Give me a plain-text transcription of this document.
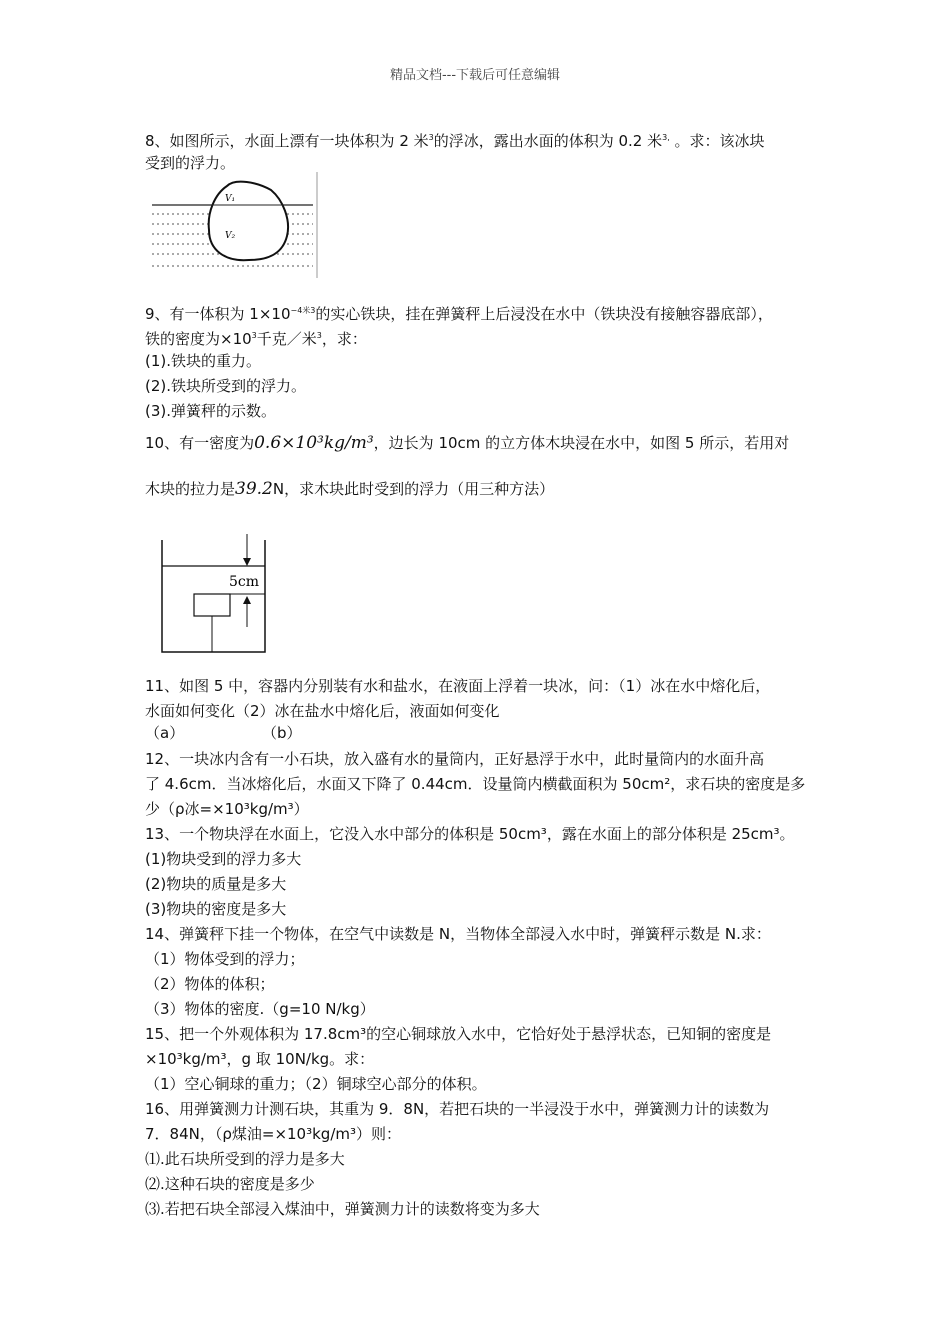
精品文档---下载后可任意编辑
8、如图所示，水面上漂有一块体积为 2 米$^3$的浮冰，露出水面的体积为 0.2 米$^{3,}$ 。求：该冰块
受到的浮力。
V₁
V₂
9、有一体积为 $1\times 10^{-4米3}$的实心铁块，挂在弹簧秤上后浸没在水中（铁块没有接触容器底部），
铁的密度为$\times 10^3$千克／米$^3$，求：
(1).铁块的重力。
(2).铁块所受到的浮力。
(3).弹簧秤的示数。
10、有一密度为0.6×10³kg/m³，边长为 10cm 的立方体木块浸在水中，如图 5 所示，若用对
木块的拉力是39.2N，求木块此时受到的浮力（用三种方法）
5cm
11、如图 5 中，容器内分别装有水和盐水，在液面上浮着一块冰，问：（1）冰在水中熔化后，
水面如何变化（2）冰在盐水中熔化后，液面如何变化
（a）	（b）
12、一块冰内含有一小石块，放入盛有水的量筒内，正好悬浮于水中，此时量筒内的水面升高
了 4.6cm．当冰熔化后，水面又下降了 0.44cm．设量筒内横截面积为 50cm²，求石块的密度是多
少（ρ冰=×10³kg/m³）
13、一个物块浮在水面上，它没入水中部分的体积是 50cm³，露在水面上的部分体积是 25cm³。
(1)物块受到的浮力多大
(2)物块的质量是多大
(3)物块的密度是多大
14、弹簧秤下挂一个物体，在空气中读数是 N，当物体全部浸入水中时，弹簧秤示数是 N.求：
（1）物体受到的浮力；
（2）物体的体积；
（3）物体的密度.（g=10 N/kg）
15、把一个外观体积为 17.8cm³的空心铜球放入水中，它恰好处于悬浮状态，已知铜的密度是
×10³kg/m³，g 取 10N/kg。求：
（1）空心铜球的重力；（2）铜球空心部分的体积。
16、用弹簧测力计测石块，其重为 9．8N，若把石块的一半浸没于水中，弹簧测力计的读数为
7．84N，（ρ煤油=×10³kg/m³）则：
⑴.此石块所受到的浮力是多大
⑵.这种石块的密度是多少
⑶.若把石块全部浸入煤油中，弹簧测力计的读数将变为多大
